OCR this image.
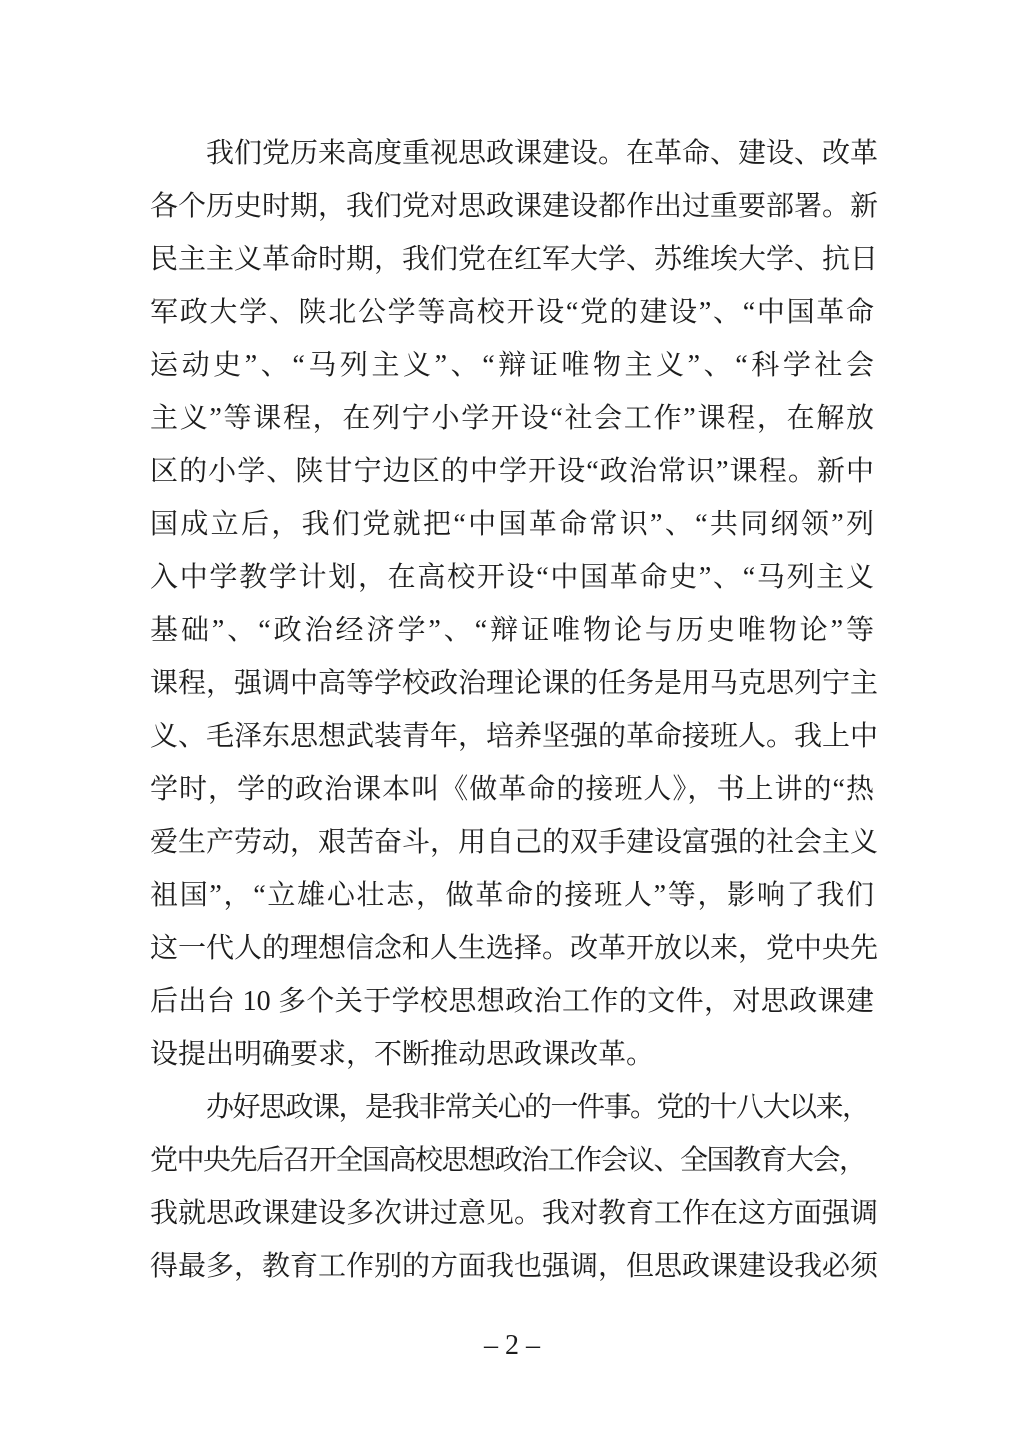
我们党历来高度重视思政课建设。在革命、建设、改革
各个历史时期，我们党对思政课建设都作出过重要部署。新
民主主义革命时期，我们党在红军大学、苏维埃大学、抗日
军政大学、陕北公学等高校开设“党的建设”、“中国革命
运动史”、“马列主义”、“辩证唯物主义”、“科学社会
主义”等课程，在列宁小学开设“社会工作”课程，在解放
区的小学、陕甘宁边区的中学开设“政治常识”课程。新中
国成立后，我们党就把“中国革命常识”、“共同纲领”列
入中学教学计划，在高校开设“中国革命史”、“马列主义
基础”、“政治经济学”、“辩证唯物论与历史唯物论”等
课程，强调中高等学校政治理论课的任务是用马克思列宁主
义、毛泽东思想武装青年，培养坚强的革命接班人。我上中
学时，学的政治课本叫《做革命的接班人》，书上讲的“热
爱生产劳动，艰苦奋斗，用自己的双手建设富强的社会主义
祖国”，“立雄心壮志，做革命的接班人”等，影响了我们
这一代人的理想信念和人生选择。改革开放以来，党中央先
后出台 10 多个关于学校思想政治工作的文件，对思政课建
设提出明确要求，不断推动思政课改革。
办好思政课，是我非常关心的一件事。党的十八大以来，
党中央先后召开全国高校思想政治工作会议、全国教育大会，
我就思政课建设多次讲过意见。我对教育工作在这方面强调
得最多，教育工作别的方面我也强调，但思政课建设我必须
– 2 –
